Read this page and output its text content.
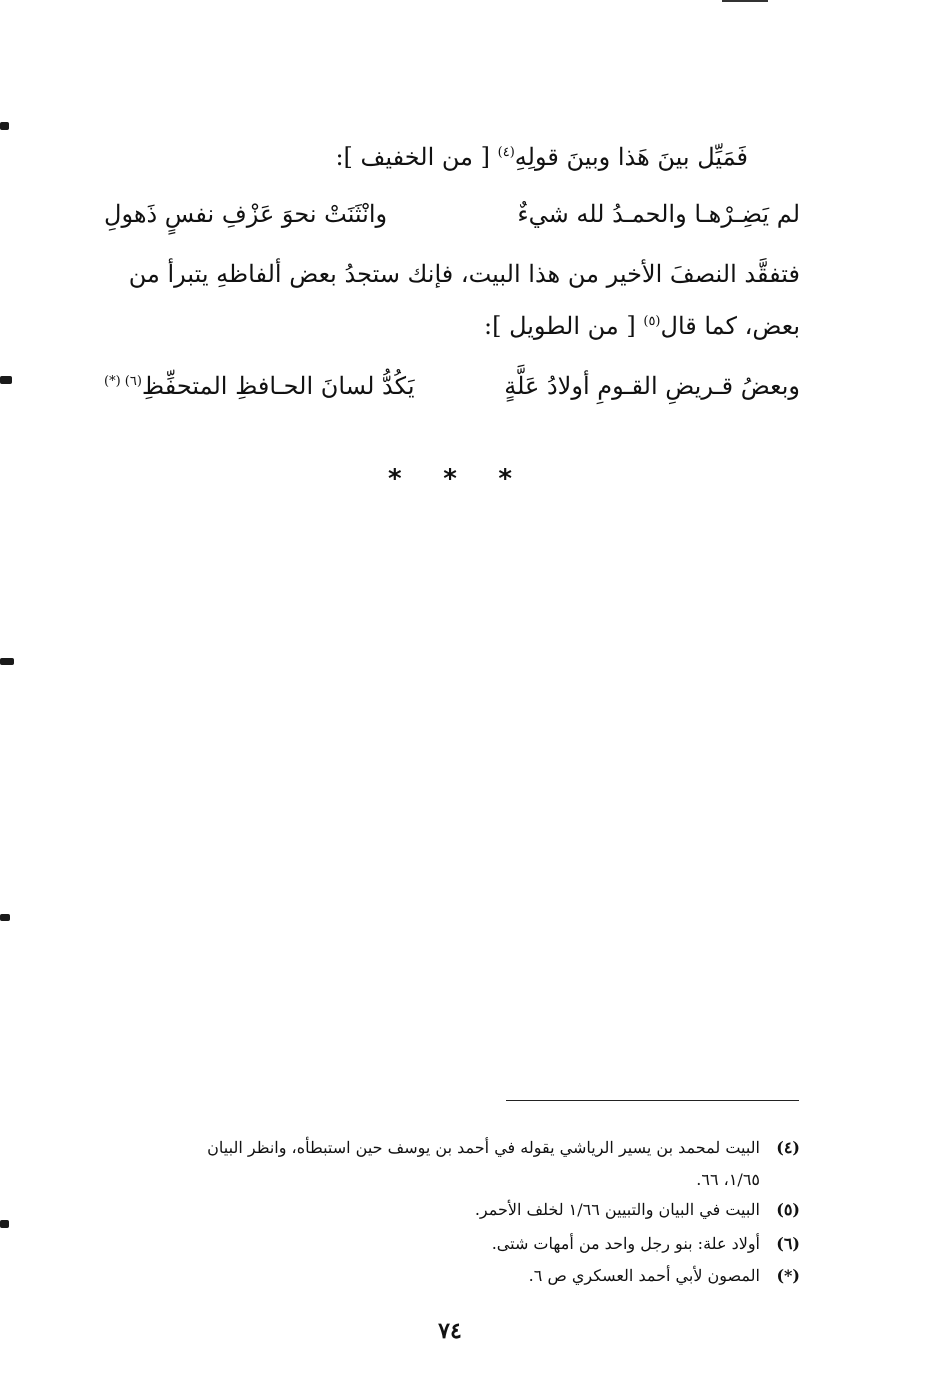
فَمَيِّل بينَ هَذا وبينَ قولِهِ$^{(٤)}$ [ من الخفيف ]:
لم يَضِـرْهـا والحمـدُ لله شيءٌ
وانْثَنَتْ نحوَ عَزْفِ نفسٍ ذَهولِ
فتفقَّد النصفَ الأخير من هذا البيت، فإنك ستجدُ بعض ألفاظهِ يتبرأ من
بعض، كما قال$^{(٥)}$ [ من الطويل ]:
وبعضُ قـريضِ القـومِ أولادُ عَلَّةٍ
يَكُدُّ لسانَ الحـافظِ المتحفِّظِ$^{(٦) (*)}$
* * *
(٤)البيت لمحمد بن يسير الرياشي يقوله في أحمد بن يوسف حين استبطأه، وانظر البيان
١/٦٥، ٦٦.
(٥)البيت في البيان والتبيين ١/٦٦ لخلف الأحمر.
(٦)أولاد علة: بنو رجل واحد من أمهات شتى.
(*)المصون لأبي أحمد العسكري ص ٦.
٧٤
